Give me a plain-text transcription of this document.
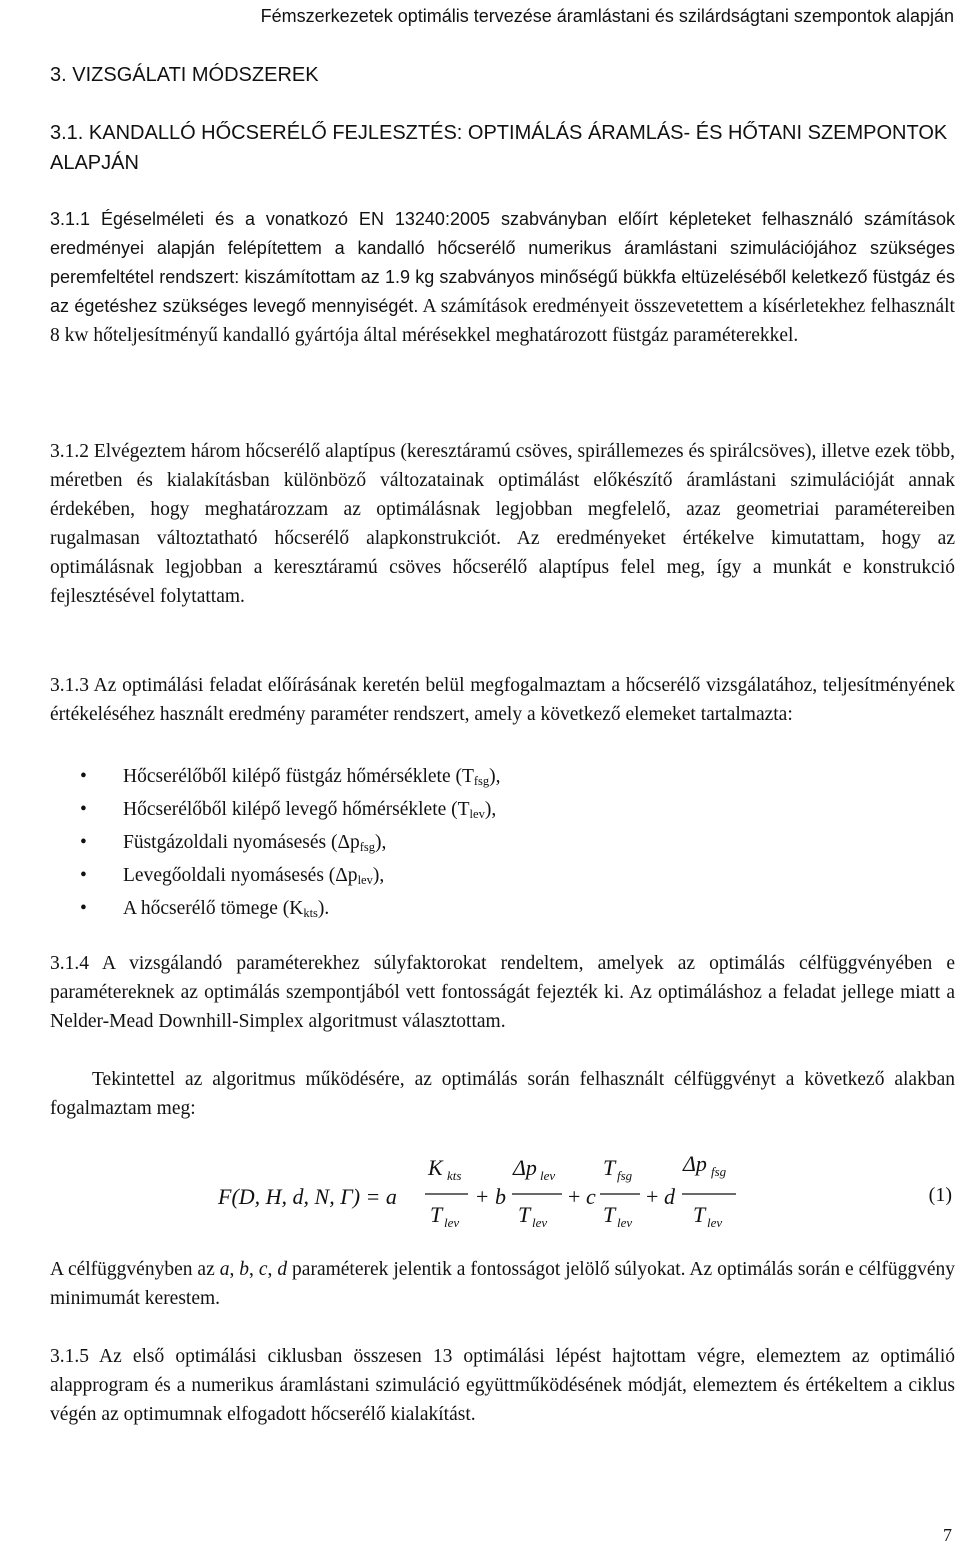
Fémszerkezetek optimális tervezése áramlástani és szilárdságtani szempontok alapján
3. VIZSGÁLATI MÓDSZEREK
3.1. KANDALLÓ HŐCSERÉLŐ FEJLESZTÉS: OPTIMÁLÁS ÁRAMLÁS- ÉS HŐTANI SZEMPONTOK ALAPJÁN

3.1.1 Égéselméleti és a vonatkozó EN 13240:2005 szabványban előírt képleteket felhasználó számítások eredményei alapján felépítettem a kandalló hőcserélő numerikus áramlástani szimulációjához szükséges peremfeltétel rendszert: kiszámítottam az 1.9 kg szabványos minőségű bükkfa eltüzeléséből keletkező füstgáz és az égetéshez szükséges levegő mennyiségét. A számítások eredményeit összevetettem a kísérletekhez felhasznált 8 kw hőteljesítményű kandalló gyártója által mérésekkel meghatározott füstgáz paraméterekkel.

3.1.2 Elvégeztem három hőcserélő alaptípus (keresztáramú csöves, spirállemezes és spirálcsöves), illetve ezek több, méretben és kialakításban különböző változatainak optimálást előkészítő áramlástani szimulációját annak érdekében, hogy meghatározzam az optimálásnak legjobban megfelelő, azaz geometriai paramétereiben rugalmasan változtatható hőcserélő alapkonstrukciót. Az eredményeket értékelve kimutattam, hogy az optimálásnak legjobban a keresztáramú csöves hőcserélő alaptípus felel meg, így a munkát e konstrukció fejlesztésével folytattam.

3.1.3 Az optimálási feladat előírásának keretén belül megfogalmaztam a hőcserélő vizsgálatához, teljesítményének értékeléséhez használt eredmény paraméter rendszert, amely a következő elemeket tartalmazta:

• Hőcserélőből kilépő füstgáz hőmérséklete $(T_{fsg})$,
• Hőcserélőből kilépő levegő hőmérséklete $(T_{lev})$,
• Füstgázoldali nyomásesés $(\Delta p_{fsg})$,
• Levegőoldali nyomásesés $(\Delta p_{lev})$,
• A hőcserélő tömege $(K_{kts})$.

3.1.4 A vizsgálandó paraméterekhez súlyfaktorokat rendeltem, amelyek az optimálás célfüggvényében e paramétereknek az optimálás szempontjából vett fontosságát fejezték ki. Az optimáláshoz a feladat jellege miatt a Nelder-Mead Downhill-Simplex algoritmust választottam.

Tekintettel az algoritmus működésére, az optimálás során felhasznált célfüggvényt a következő alakban fogalmaztam meg:

F(D, H, d, N, Γ) = a
K kts
T lev
+ b
Δp lev
T lev
+ c
T fsg
T lev
+ d
Δp fsg
T lev
(1)

A célfüggvényben az a, b, c, d paraméterek jelentik a fontosságot jelölő súlyokat. Az optimálás során e célfüggvény minimumát kerestem.

3.1.5 Az első optimálási ciklusban összesen 13 optimálási lépést hajtottam végre, elemeztem az optimálió alapprogram és a numerikus áramlástani szimuláció együttműködésének módját, elemeztem és értékeltem a ciklus végén az optimumnak elfogadott hőcserélő kialakítást.

7
